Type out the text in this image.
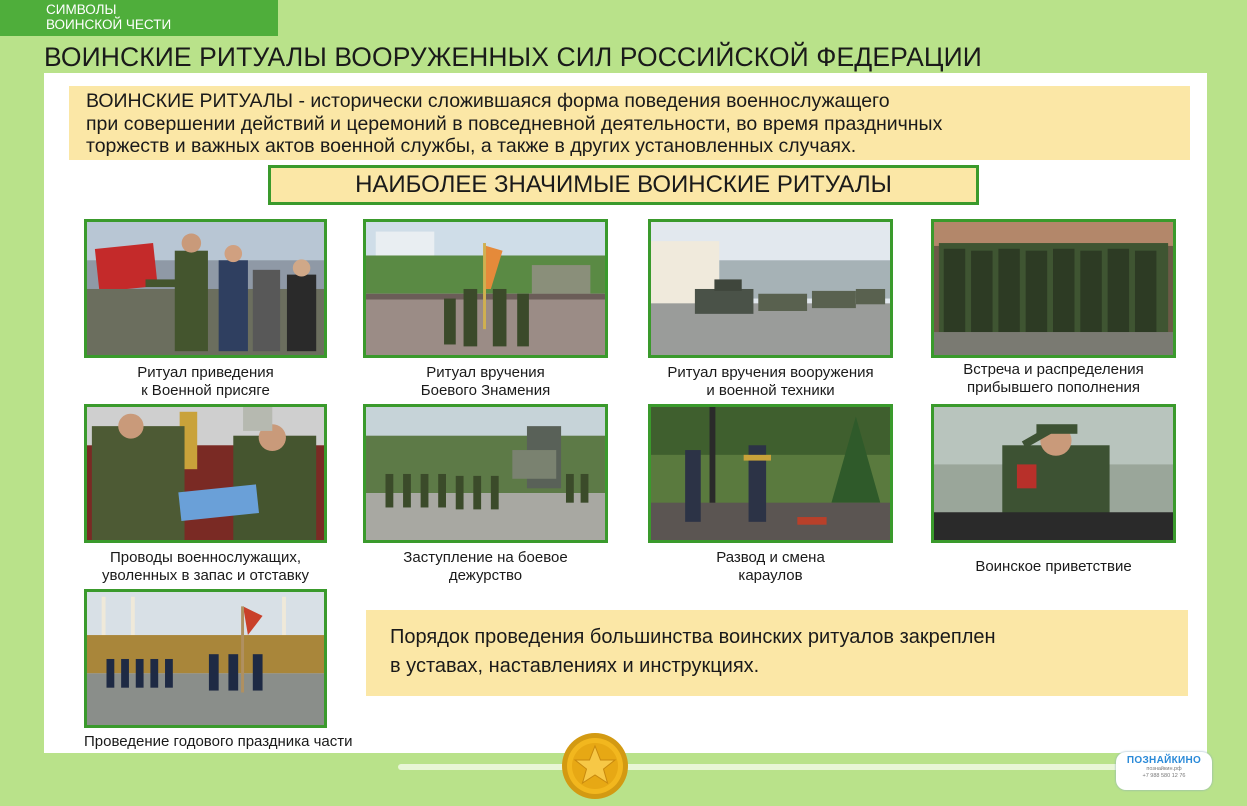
СИМВОЛЫ
ВОИНСКОЙ ЧЕСТИ
ВОИНСКИЕ РИТУАЛЫ ВООРУЖЕННЫХ СИЛ РОССИЙСКОЙ ФЕДЕРАЦИИ
ВОИНСКИЕ РИТУАЛЫ - исторически сложившаяся форма поведения военнослужащего
при совершении действий и церемоний в повседневной деятельности, во время праздничных
торжеств и важных актов военной службы, а также в других установленных случаях.
НАИБОЛЕЕ ЗНАЧИМЫЕ ВОИНСКИЕ РИТУАЛЫ
Ритуал приведения
к Военной присяге
Ритуал вручения
Боевого Знамения
Ритуал вручения вооружения
и военной техники
Встреча и распределения
прибывшего пополнения
Проводы военнослужащих,
уволенных в запас и отставку
Заступление на боевое
дежурство
Развод и смена
караулов
Воинское приветствие
Проведение годового праздника части
Порядок проведения большинства воинских ритуалов закреплен
в уставах, наставлениях и инструкциях.
ПОЗНАЙКИНО
познайкин.рф
+7 988 580 12 76
